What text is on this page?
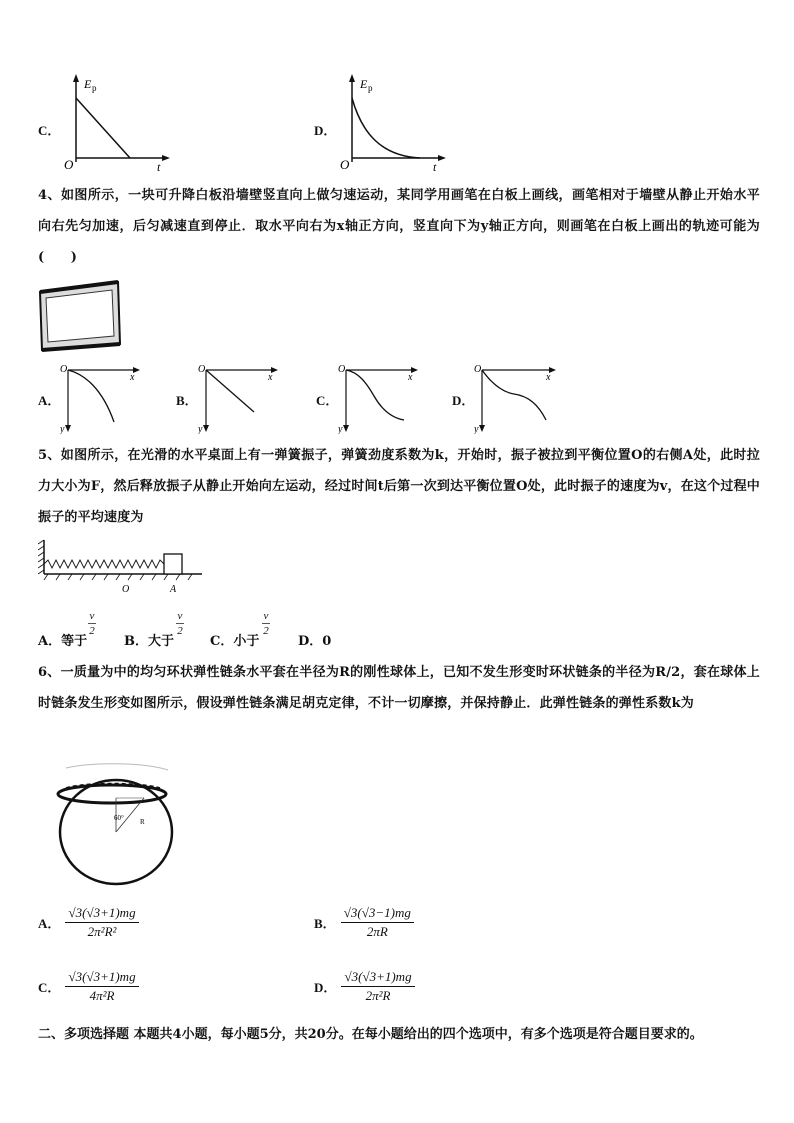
C．
E p
O	t
D．
E p
O	t
4、如图所示，一块可升降白板沿墙壁竖直向上做匀速运动，某同学用画笔在白板上画线，画笔相对于墙壁从静止开始水平向右先匀加速，后匀减速直到停止．取水平向右为x轴正方向，竖直向下为y轴正方向，则画笔在白板上画出的轨迹可能为(　　)
A．
O
x
y
B．
O
x
y
C．
O
x
y
D．
O
x
y
5、如图所示，在光滑的水平桌面上有一弹簧振子，弹簧劲度系数为k，开始时，振子被拉到平衡位置O的右侧A处，此时拉力大小为F，然后释放振子从静止开始向左运动，经过时间t后第一次到达平衡位置O处，此时振子的速度为v，在这个过程中振子的平均速度为
O	A
A．等于
v
2
B．大于
v
2
C．小于
v
2
D．0
6、一质量为中的均匀环状弹性链条水平套在半径为R的刚性球体上，已知不发生形变时环状链条的半径为R/2，套在球体上时链条发生形变如图所示，假设弹性链条满足胡克定律，不计一切摩擦，并保持静止．此弹性链条的弹性系数k为
60° R
A． $\frac{√3(√3+1)mg}{\text{2π²R²}}$	B． $\frac{√3(√3-1)mg}{2\pi R}$
C． $\frac{√3(√3+1)mg}{\text{4π²R}}$	D． $\frac{√3(√3+1)mg}{\text{2π²R}}$
二、多项选择题 本题共4小题，每小题5分，共20分。在每小题给出的四个选项中，有多个选项是符合题目要求的。
